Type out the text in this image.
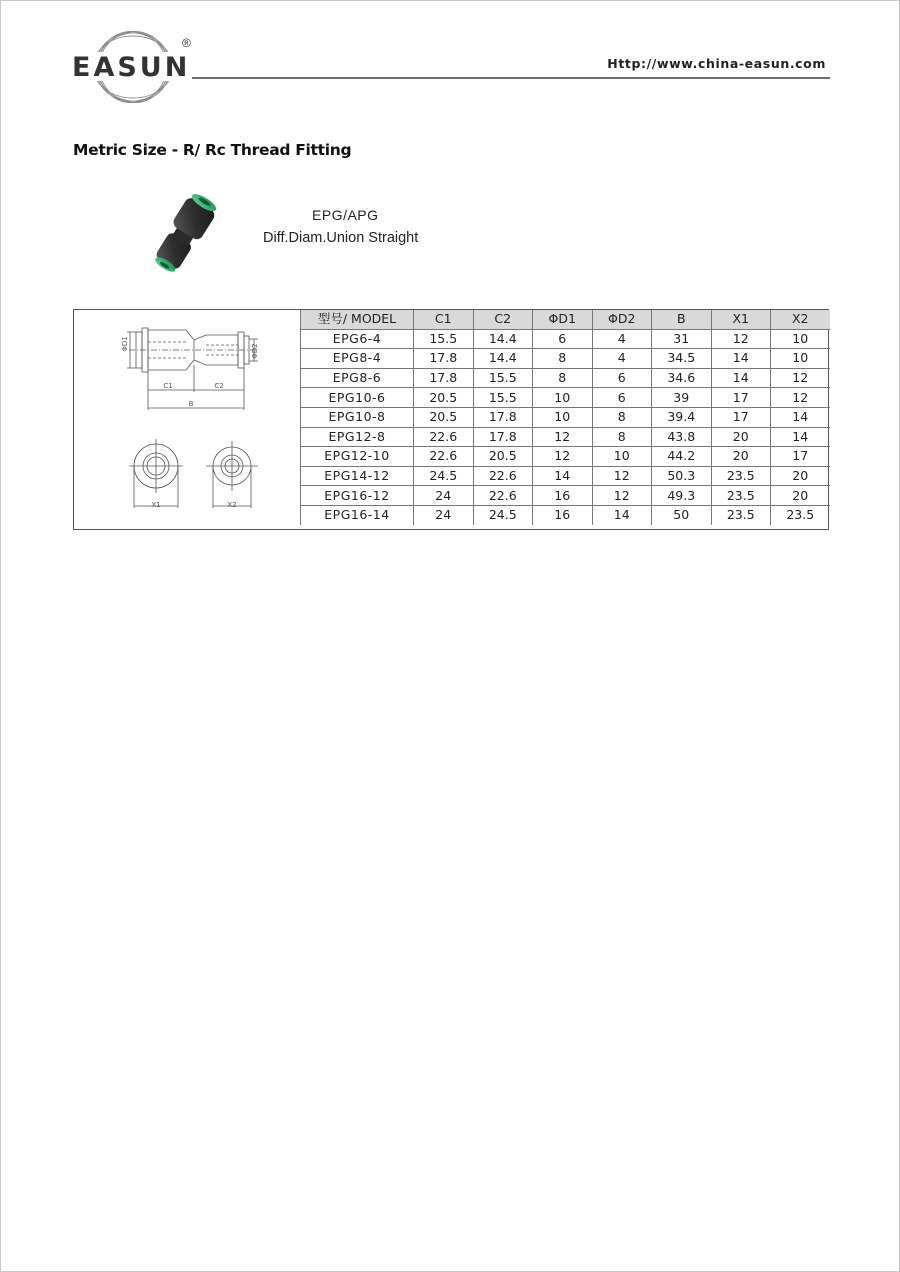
EASUN
®
Http://www.china-easun.com
Metric Size - R/ Rc Thread Fitting
EPG/APG
Diff.Diam.Union Straight
ΦD1	ΦD2
C1	C2
B
X1	X2
型号/ MODEL	C1	C2	ΦD1	ΦD2	B	X1	X2
EPG6-4	15.5	14.4	6	4	31	12	10
EPG8-4	17.8	14.4	8	4	34.5	14	10
EPG8-6	17.8	15.5	8	6	34.6	14	12
EPG10-6	20.5	15.5	10	6	39	17	12
EPG10-8	20.5	17.8	10	8	39.4	17	14
EPG12-8	22.6	17.8	12	8	43.8	20	14
EPG12-10	22.6	20.5	12	10	44.2	20	17
EPG14-12	24.5	22.6	14	12	50.3	23.5	20
EPG16-12	24	22.6	16	12	49.3	23.5	20
EPG16-14	24	24.5	16	14	50	23.5	23.5
